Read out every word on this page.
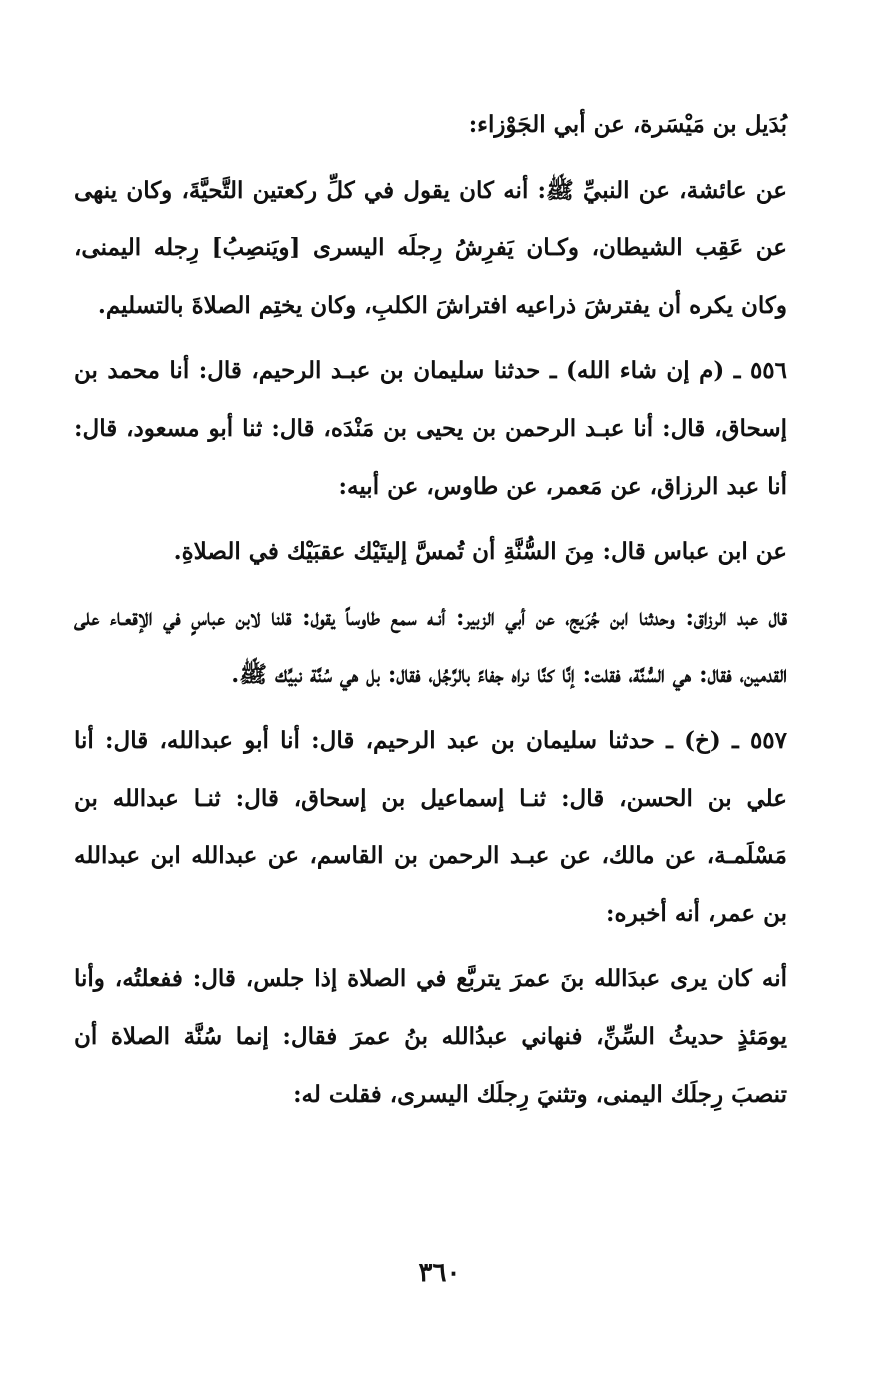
بُدَيل بن مَيْسَرة، عن أبي الجَوْزاء:

عن عائشة، عن النبيِّ ﷺ: أنه كان يقول في كلِّ ركعتين التَّحيَّةَ، وكان ينهى عن عَقِب الشيطان، وكـان يَفرِشُ رِجلَه اليسرى [ويَنصِبُ] رِجله اليمنى، وكان يكره أن يفترشَ ذراعيه افتراشَ الكلبِ، وكان يختِم الصلاةَ بالتسليم.

٥٥٦ ـ (م إن شاء الله) ـ حدثنا سليمان بن عبـد الرحيم، قال: أنا محمد بن إسحاق، قال: أنا عبـد الرحمن بن يحيى بن مَنْدَه، قال: ثنا أبو مسعود، قال: أنا عبد الرزاق، عن مَعمر، عن طاوس، عن أبيه:

عن ابن عباس قال: مِنَ السُّنَّةِ أن تُمسَّ إليتَيْك عقبَيْك في الصلاةِ.

قال عبد الرزاق: وحدثنا ابن جُرَيج، عن أبي الزبير: أنـه سمع طاوساً يقول: قلنا لابن عباسٍ في الإقعـاء على القدمين، فقال: هي السُّنَّة، فقلت: إنَّا كنَّا نراه جفاءً بالرَّجُل، فقال: بل هي سُنَّة نبيِّك ﷺ.

٥٥٧ ـ (خ) ـ حدثنا سليمان بن عبد الرحيم، قال: أنا أبو عبدالله، قال: أنا علي بن الحسن، قال: ثنـا إسماعيل بن إسحاق، قال: ثنـا عبدالله بن مَسْلَمـة، عن مالك، عن عبـد الرحمن بن القاسم، عن عبدالله ابن عبدالله بن عمر، أنه أخبره:

أنه كان يرى عبدَالله بنَ عمرَ يتربَّع في الصلاة إذا جلس، قال: ففعلتُه، وأنا يومَئذٍ حديثُ السِّنِّ، فنهاني عبدُالله بنُ عمرَ فقال: إنما سُنَّة الصلاة أن تنصبَ رِجلَك اليمنى، وتثنيَ رِجلَك اليسرى، فقلت له:

٣٦٠
